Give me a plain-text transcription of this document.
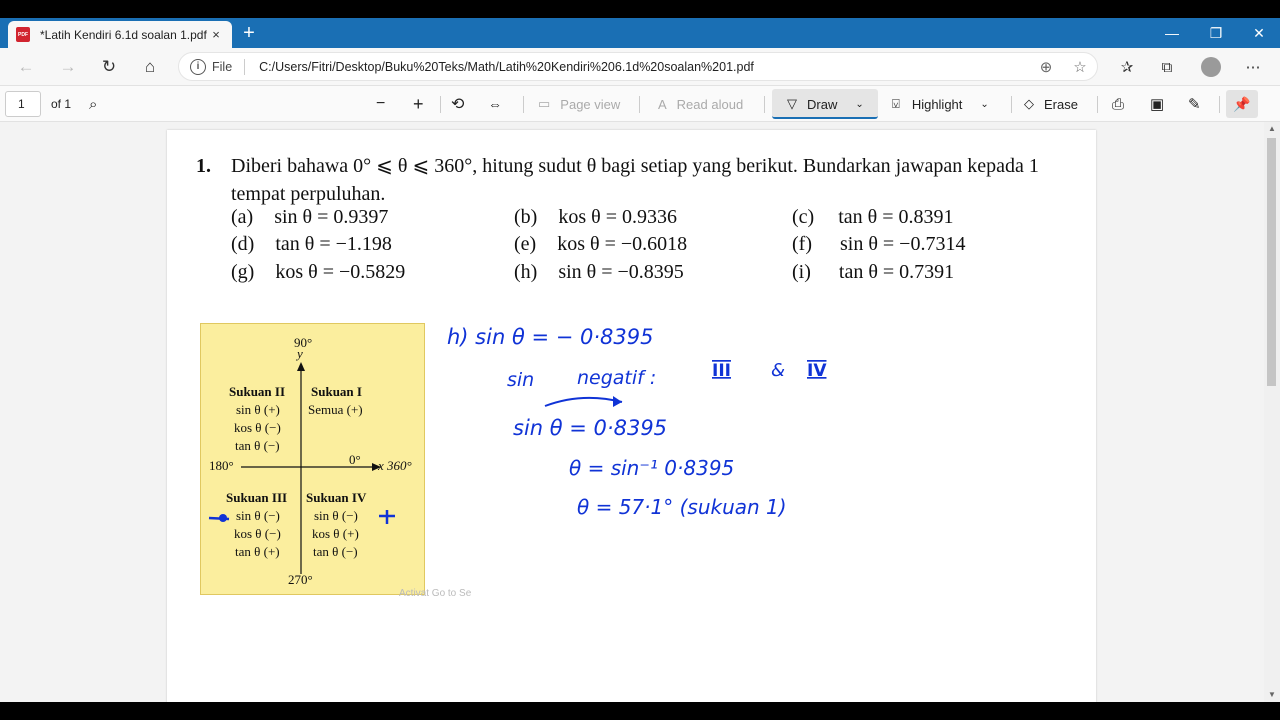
PDF *Latih Kendiri 6.1d soalan 1.pdf × +	—	❐	✕
←	→	↻	⌂	i	File C:/Users/Fitri/Desktop/Buku%20Teks/Math/Latih%20Kendiri%206.1d%20soalan%201.pdf	⊕	☆	✰	⧉	⋯
1	of 1 ⌕	− + ⟲ ⇔	▭ Page view	A Read aloud	▽ Draw ⌄ ⍌ Highlight ⌄	◇ Erase ⎙ ▣ ✎	📌
1. Diberi bahawa 0° ⩽ θ ⩽ 360°, hitung sudut θ bagi setiap yang berikut. Bundarkan jawapan kepada 1 tempat perpuluhan.
(a) sin θ = 0.9397	(b) kos θ = 0.9336	(c) tan θ = 0.8391
(d) tan θ = −1.198	(e) kos θ = −0.6018	(f) sin θ = −0.7314
(g) kos θ = −0.5829	(h) sin θ = −0.8395	(i) tan θ = 0.7391
90°
y
Sukuan II
sin θ (+)
kos θ (−)
tan θ (−)
Sukuan I
Semua (+)
180°	0° x 360°
Sukuan III
sin θ (−)
kos θ (−)
tan θ (+)
Sukuan IV
sin θ (−)
kos θ (+)
tan θ (−)
270°
Activat Go to Se
h) sin θ = − 0·8395
sin negatif :	III & IV
sin θ = 0·8395
θ = sin⁻¹ 0·8395
θ = 57·1° (sukuan 1)
▲
▼
